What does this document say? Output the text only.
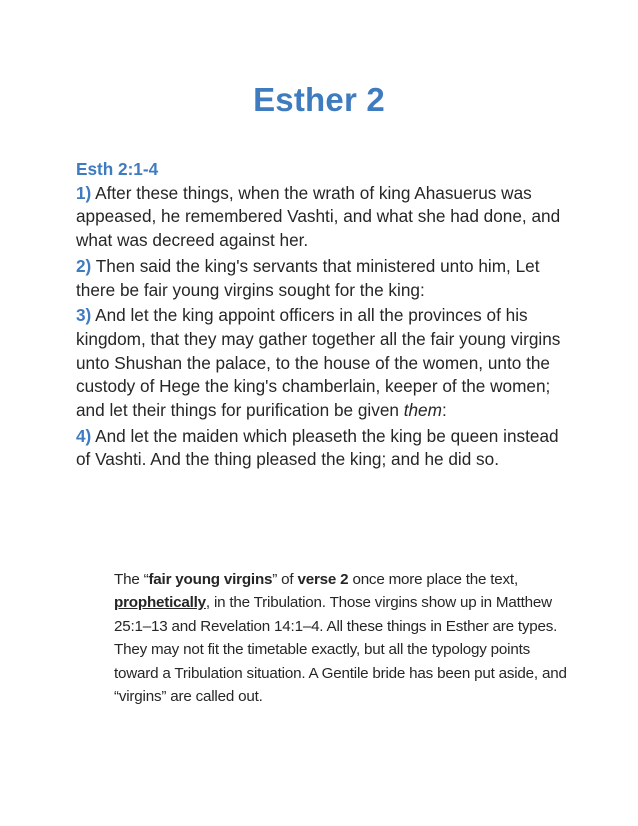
Esther 2
Esth 2:1-4
1) After these things, when the wrath of king Ahasuerus was appeased, he remembered Vashti, and what she had done, and what was decreed against her.
2) Then said the king's servants that ministered unto him, Let there be fair young virgins sought for the king:
3) And let the king appoint officers in all the provinces of his kingdom, that they may gather together all the fair young virgins unto Shushan the palace, to the house of the women, unto the custody of Hege the king's chamberlain, keeper of the women; and let their things for purification be given them:
4) And let the maiden which pleaseth the king be queen instead of Vashti. And the thing pleased the king; and he did so.
The “fair young virgins” of verse 2 once more place the text, prophetically, in the Tribulation. Those virgins show up in Matthew 25:1–13 and Revelation 14:1–4. All these things in Esther are types. They may not fit the timetable exactly, but all the typology points toward a Tribulation situation. A Gentile bride has been put aside, and “virgins” are called out.
